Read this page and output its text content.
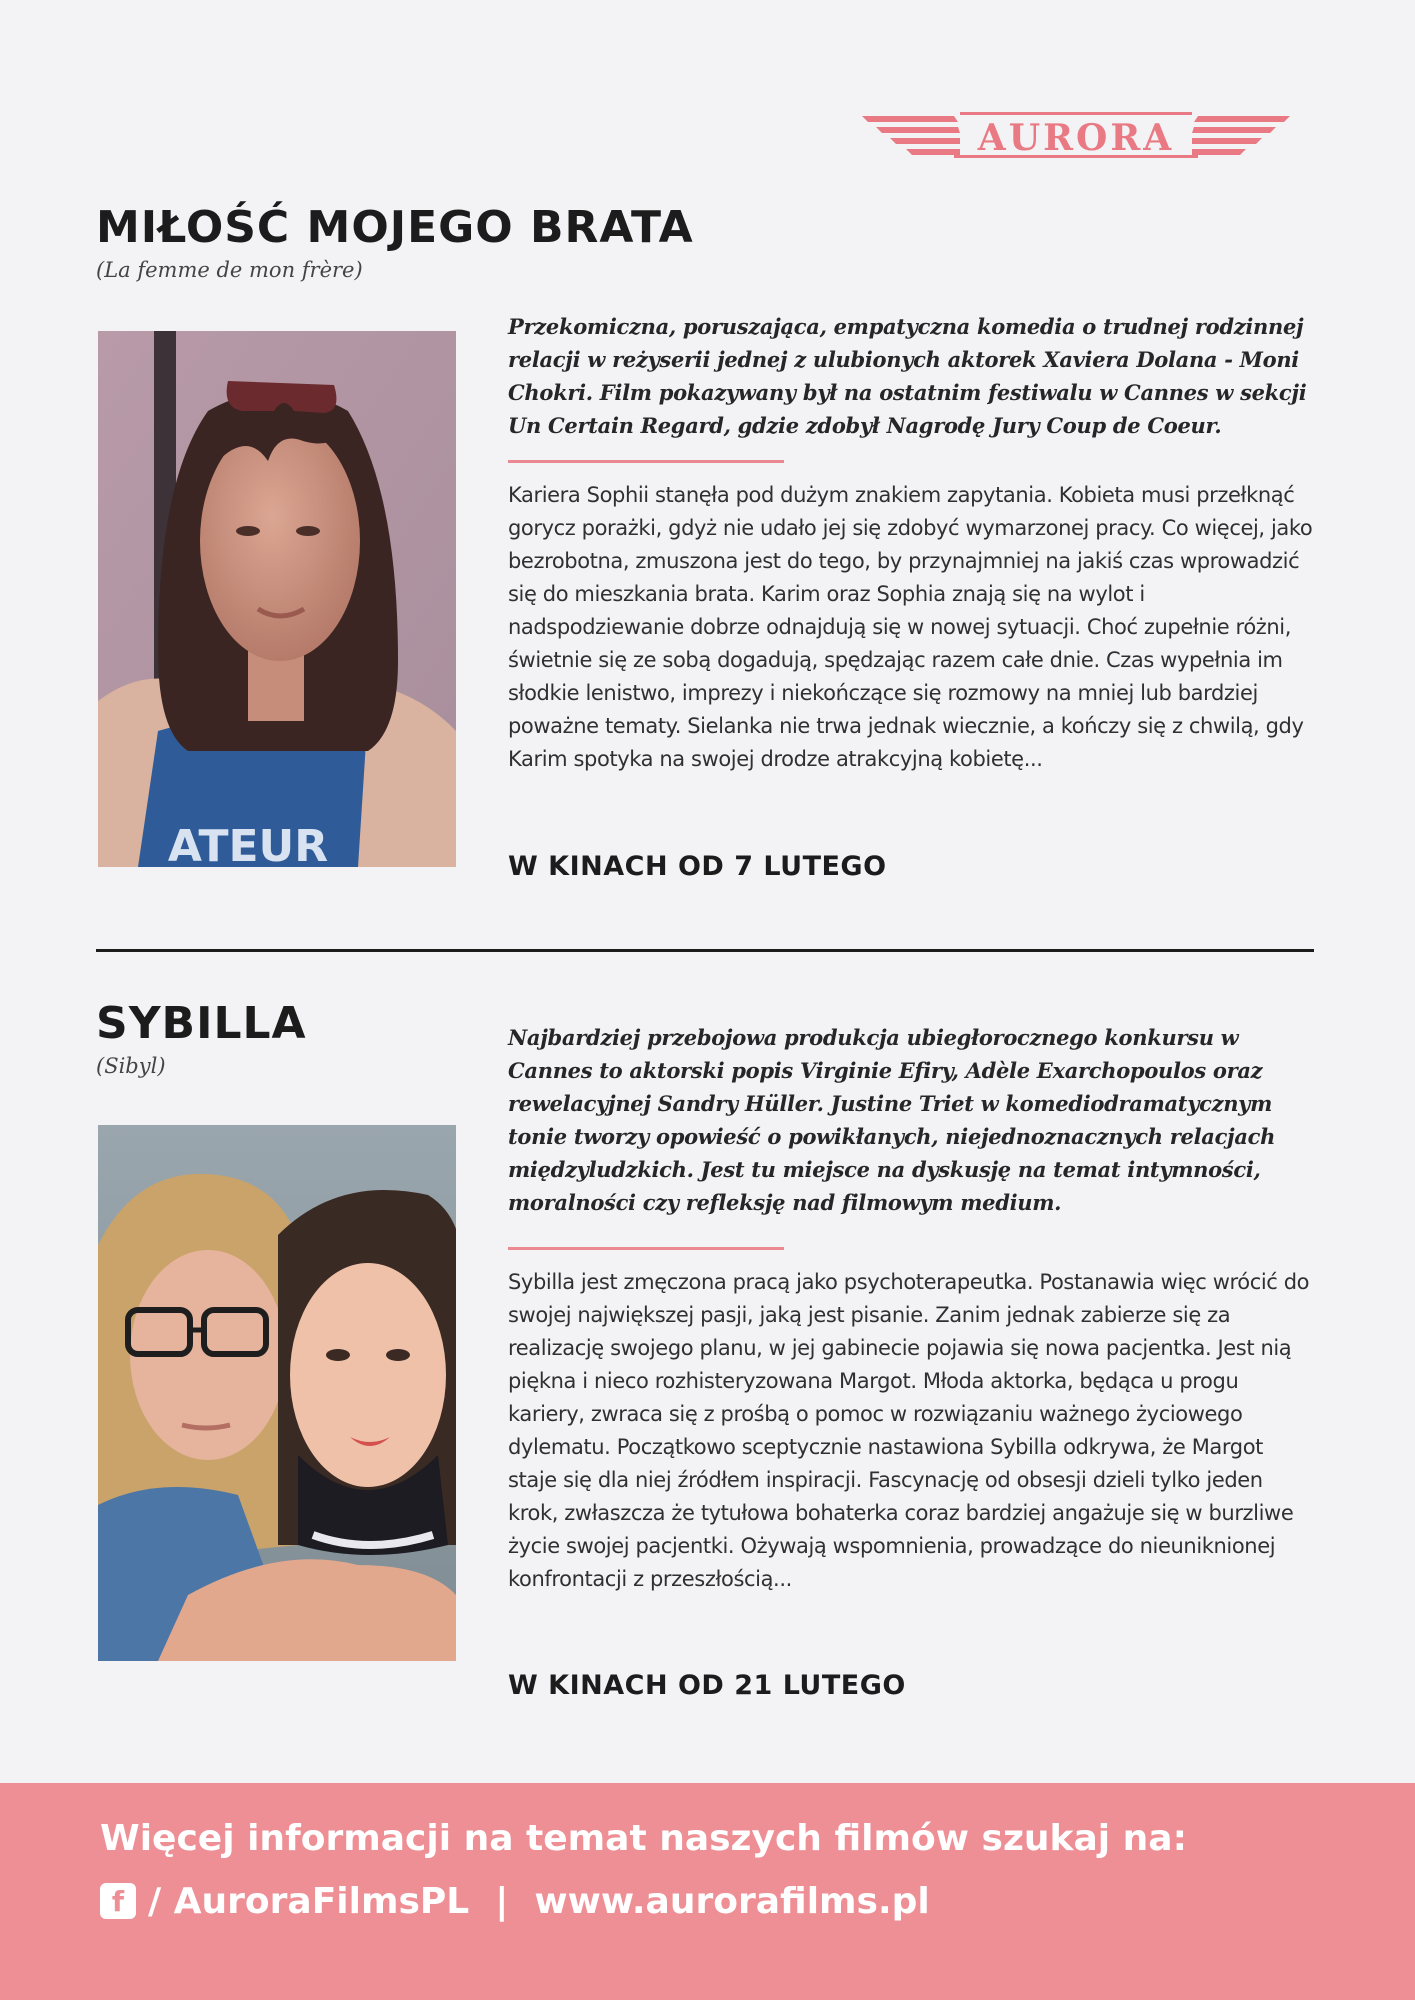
AURORA
MIŁOŚĆ MOJEGO BRATA
(La femme de mon frère)
ATEUR

Przekomiczna, poruszająca, empatyczna komedia o trudnej rodzinnej relacji w reżyserii jednej z ulubionych aktorek Xaviera Dolana - Moni Chokri. Film pokazywany był na ostatnim festiwalu w Cannes w sekcji Un Certain Regard, gdzie zdobył Nagrodę Jury Coup de Coeur.

Kariera Sophii stanęła pod dużym znakiem zapytania. Kobieta musi przełknąć gorycz porażki, gdyż nie udało jej się zdobyć wymarzonej pracy. Co więcej, jako bezrobotna, zmuszona jest do tego, by przynajmniej na jakiś czas wprowadzić się do mieszkania brata. Karim oraz Sophia znają się na wylot i nadspodziewanie dobrze odnajdują się w nowej sytuacji. Choć zupełnie różni, świetnie się ze sobą dogadują, spędzając razem całe dnie. Czas wypełnia im słodkie lenistwo, imprezy i niekończące się rozmowy na mniej lub bardziej poważne tematy. Sielanka nie trwa jednak wiecznie, a kończy się z chwilą, gdy Karim spotyka na swojej drodze atrakcyjną kobietę...

W KINACH OD 7 LUTEGO
SYBILLA
(Sibyl)

Najbardziej przebojowa produkcja ubiegłorocznego konkursu w Cannes to aktorski popis Virginie Efiry, Adèle Exarchopoulos oraz rewelacyjnej Sandry Hüller. Justine Triet w komediodramatycznym tonie tworzy opowieść o powikłanych, niejednoznacznych relacjach międzyludzkich. Jest tu miejsce na dyskusję na temat intymności, moralności czy refleksję nad filmowym medium.

Sybilla jest zmęczona pracą jako psychoterapeutka. Postanawia więc wrócić do swojej największej pasji, jaką jest pisanie. Zanim jednak zabierze się za realizację swojego planu, w jej gabinecie pojawia się nowa pacjentka. Jest nią piękna i nieco rozhisteryzowana Margot. Młoda aktorka, będąca u progu kariery, zwraca się z prośbą o pomoc w rozwiązaniu ważnego życiowego dylematu. Początkowo sceptycznie nastawiona Sybilla odkrywa, że Margot staje się dla niej źródłem inspiracji. Fascynację od obsesji dzieli tylko jeden krok, zwłaszcza że tytułowa bohaterka coraz bardziej angażuje się w burzliwe życie swojej pacjentki. Ożywają wspomnienia, prowadzące do nieuniknionej konfrontacji z przeszłością...

W KINACH OD 21 LUTEGO
Więcej informacji na temat naszych filmów szukaj na:
f / AuroraFilmsPL | www.aurorafilms.pl
